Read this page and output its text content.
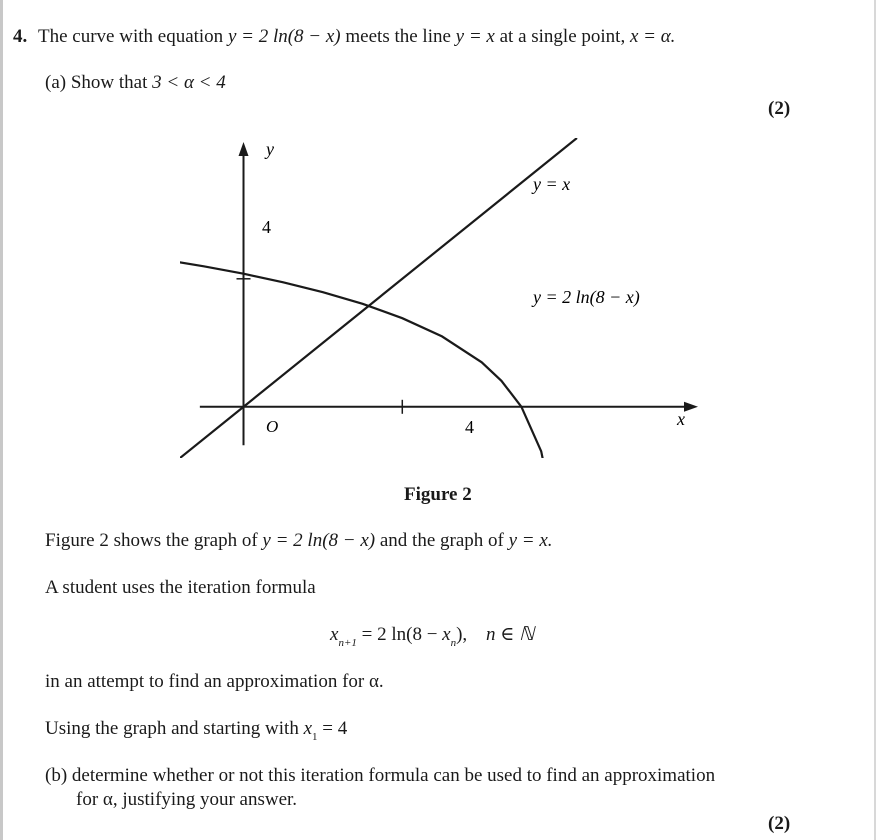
4. The curve with equation y = 2 ln(8 − x) meets the line y = x at a single point, x = α.
(a) Show that 3 < α < 4
(2)
y
x
O
4
4
y = x
y = 2 ln(8 − x)
Figure 2
Figure 2 shows the graph of y = 2 ln(8 − x) and the graph of y = x.
A student uses the iteration formula
$x_{n+1} = 2$ $\ln(8 - x_n)$, n ∈ ℕ
in an attempt to find an approximation for α.
Using the graph and starting with $x_1 = 4$
(b) determine whether or not this iteration formula can be used to find an approximation
for α, justifying your answer.
(2)
